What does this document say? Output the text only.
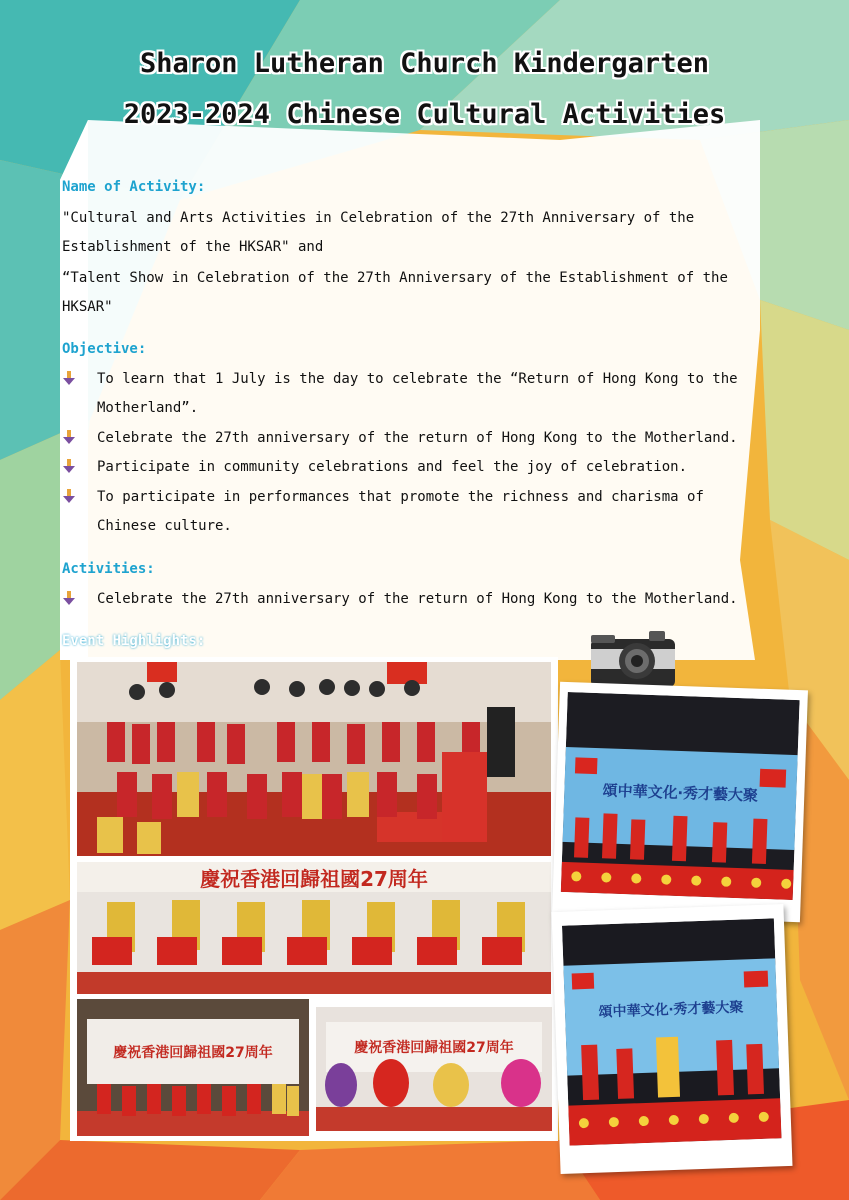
Sharon Lutheran Church Kindergarten
2023-2024 Chinese Cultural Activities
Name of Activity:
"Cultural and Arts Activities in Celebration of the 27th Anniversary of the
Establishment of the HKSAR" and
“Talent Show in Celebration of the 27th Anniversary of the Establishment of the
HKSAR"
Objective:
To learn that 1 July is the day to celebrate the “Return of Hong Kong to the
Motherland”.
Celebrate the 27th anniversary of the return of Hong Kong to the Motherland.
Participate in community celebrations and feel the joy of celebration.
To participate in performances that promote the richness and charisma of
Chinese culture.
Activities:
Celebrate the 27th anniversary of the return of Hong Kong to the Motherland.
Event Highlights:
慶祝香港回歸祖國27周年
慶祝香港回歸祖國27周年	慶祝香港回歸祖國27周年
頌中華文化‧秀才藝大聚
頌中華文化‧秀才藝大聚
